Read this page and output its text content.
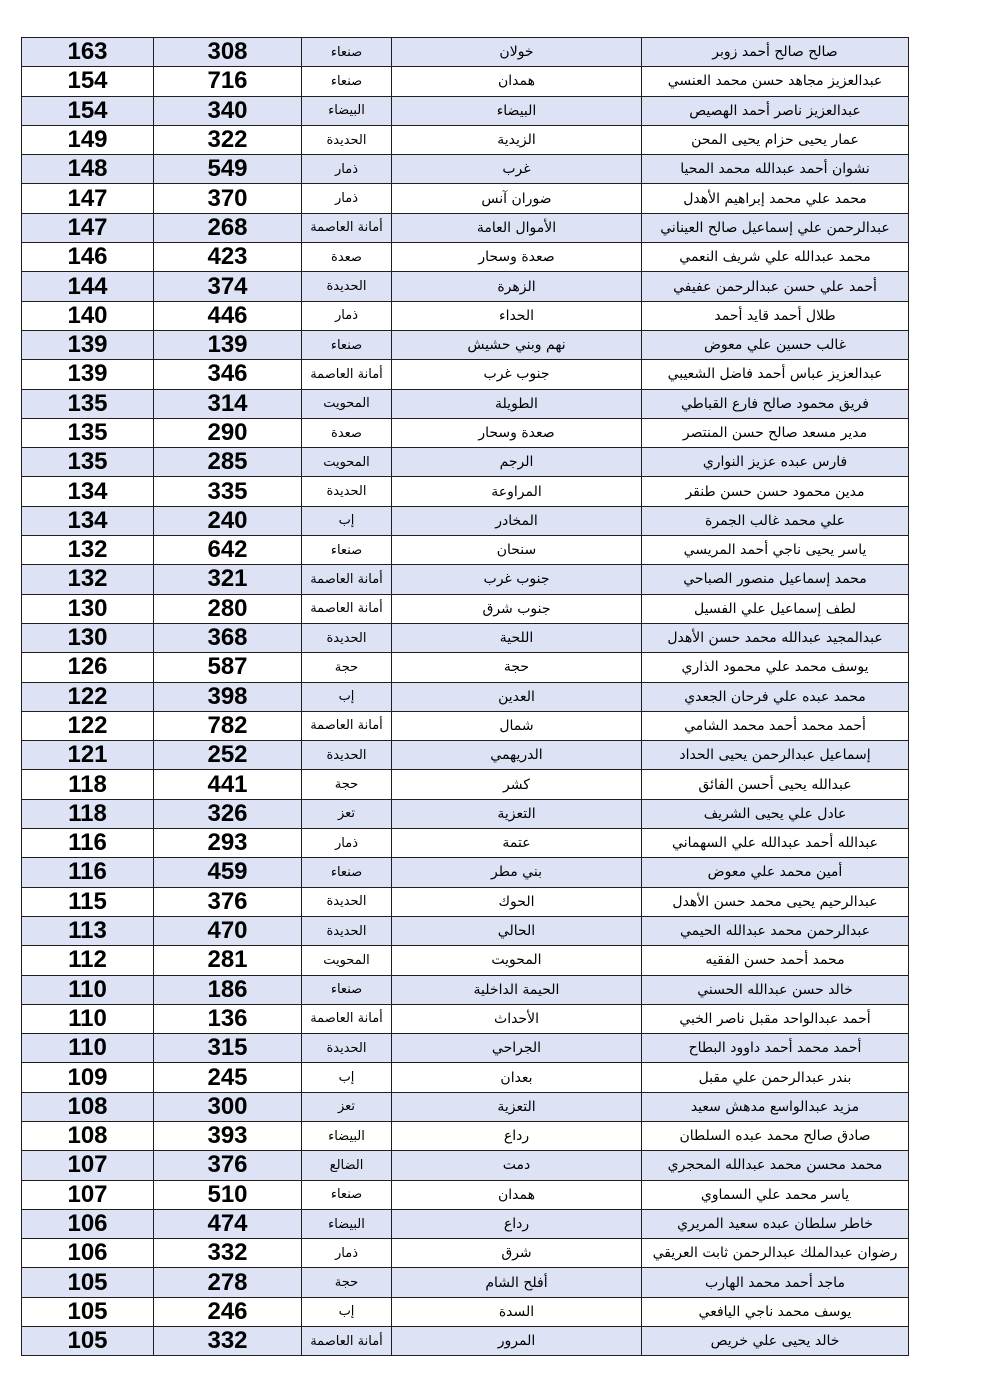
163	308	صنعاء	خولان	صالح صالح أحمد زوبر
154	716	صنعاء	همدان	عبدالعزيز مجاهد حسن محمد العنسي
154	340	البيضاء	البيضاء	عبدالعزيز ناصر أحمد الهصيص
149	322	الحديدة	الزيدية	عمار يحيى حزام يحيى المحن
148	549	ذمار	غرب	نشوان أحمد عبدالله محمد المحيا
147	370	ذمار	ضوران آنس	محمد علي محمد إبراهيم الأهدل
147	268	أمانة العاصمة	الأموال العامة	عبدالرحمن علي إسماعيل صالح العيناني
146	423	صعدة	صعدة وسحار	محمد عبدالله علي شريف النعمي
144	374	الحديدة	الزهرة	أحمد علي حسن عبدالرحمن عفيفي
140	446	ذمار	الحداء	طلال أحمد قايد أحمد
139	139	صنعاء	نهم وبني حشيش	غالب حسين علي معوض
139	346	أمانة العاصمة	جنوب غرب	عبدالعزيز عباس أحمد فاضل الشعيبي
135	314	المحويت	الطويلة	فريق محمود صالح فارع القباطي
135	290	صعدة	صعدة وسحار	مدير مسعد صالح حسن المنتصر
135	285	المحويت	الرجم	فارس عبده عزيز النواري
134	335	الحديدة	المراوعة	مدين محمود حسن حسن طنقر
134	240	إب	المخادر	علي محمد غالب الجمرة
132	642	صنعاء	سنحان	ياسر يحيى ناجي أحمد المريسي
132	321	أمانة العاصمة	جنوب غرب	محمد إسماعيل منصور الصباحي
130	280	أمانة العاصمة	جنوب شرق	لطف إسماعيل علي الفسيل
130	368	الحديدة	اللحية	عبدالمجيد عبدالله محمد حسن الأهدل
126	587	حجة	حجة	يوسف محمد علي محمود الذاري
122	398	إب	العدين	محمد عبده علي فرحان الجعدي
122	782	أمانة العاصمة	شمال	أحمد محمد أحمد محمد الشامي
121	252	الحديدة	الدريهمي	إسماعيل عبدالرحمن يحيى الحداد
118	441	حجة	كشر	عبدالله يحيى أحسن الفائق
118	326	تعز	التعزية	عادل علي يحيى الشريف
116	293	ذمار	عتمة	عبدالله أحمد عبدالله علي السهماني
116	459	صنعاء	بني مطر	أمين محمد علي معوض
115	376	الحديدة	الحوك	عبدالرحيم يحيى محمد حسن الأهدل
113	470	الحديدة	الحالي	عبدالرحمن محمد عبدالله الحيمي
112	281	المحويت	المحويت	محمد أحمد حسن الفقيه
110	186	صنعاء	الحيمة الداخلية	خالد حسن عبدالله الحسني
110	136	أمانة العاصمة	الأحداث	أحمد عبدالواحد مقبل ناصر الخبي
110	315	الحديدة	الجراحي	أحمد محمد أحمد داوود البطاح
109	245	إب	بعدان	بندر عبدالرحمن علي مقبل
108	300	تعز	التعزية	مزيد عبدالواسع مدهش سعيد
108	393	البيضاء	رداع	صادق صالح محمد عبده السلطان
107	376	الضالع	دمت	محمد محسن محمد عبدالله المحجري
107	510	صنعاء	همدان	ياسر محمد علي السماوي
106	474	البيضاء	رداع	خاطر سلطان عبده سعيد المريري
106	332	ذمار	شرق	رضوان عبدالملك عبدالرحمن ثابت العريقي
105	278	حجة	أفلح الشام	ماجد أحمد محمد الهارب
105	246	إب	السدة	يوسف محمد ناجي اليافعي
105	332	أمانة العاصمة	المرور	خالد يحيى علي خريص
